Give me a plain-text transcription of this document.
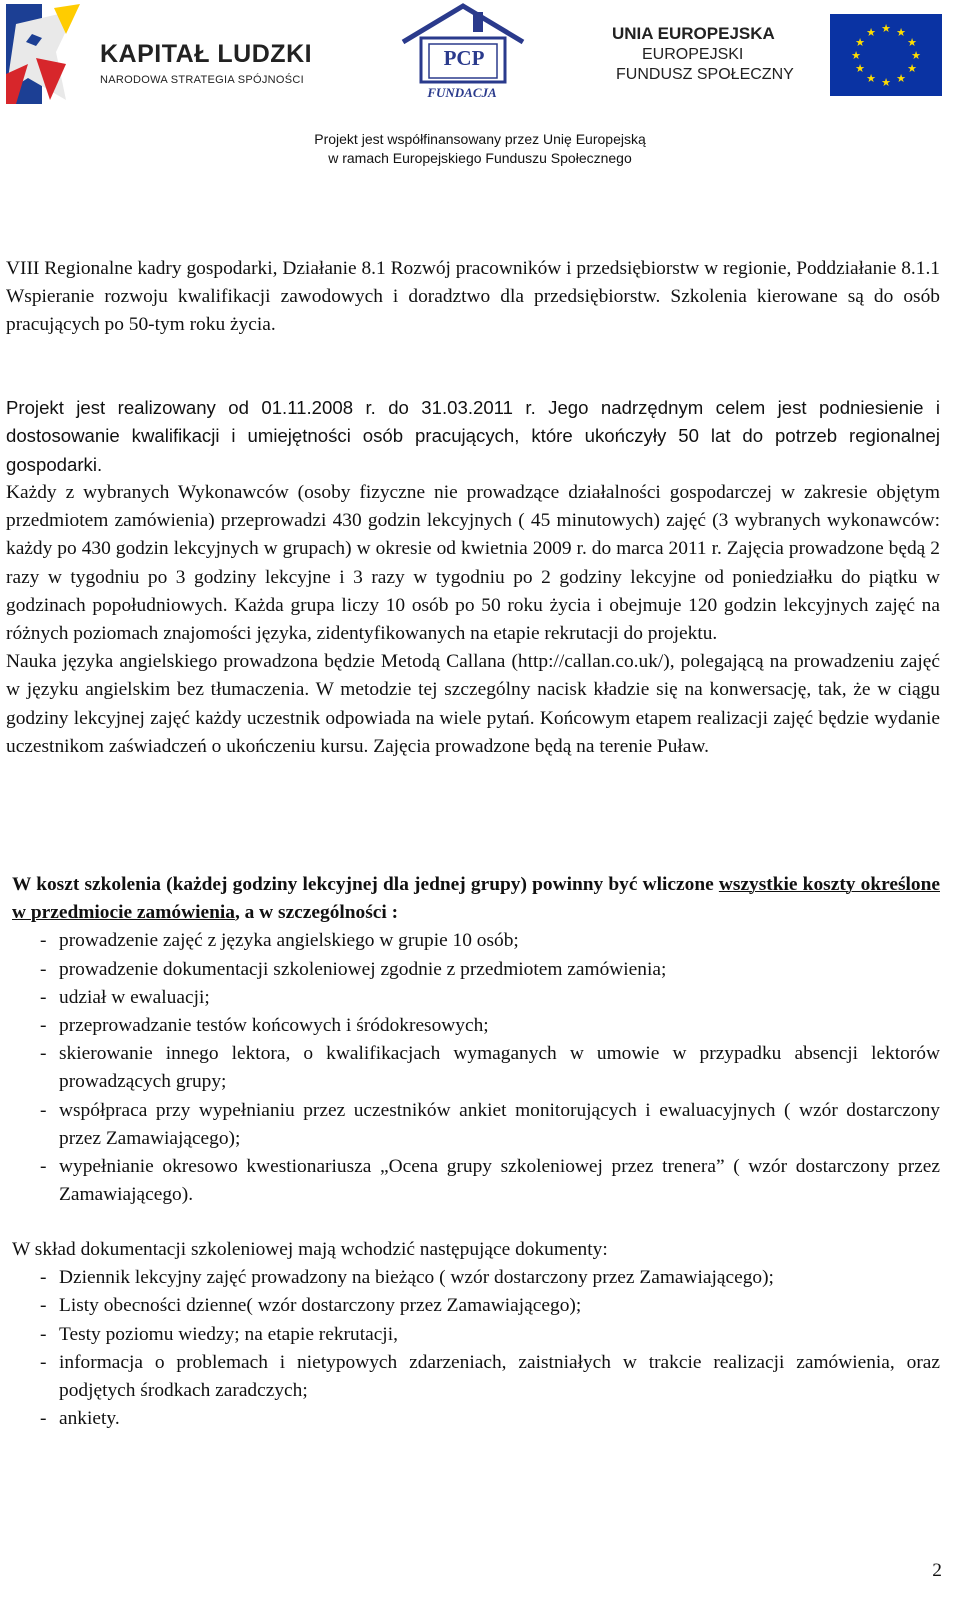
KAPITAŁ LUDZKI
NARODOWA STRATEGIA SPÓJNOŚCI
PCP
FUNDACJA
UNIA EUROPEJSKA
EUROPEJSKI
FUNDUSZ SPOŁECZNY
★ ★
★
★
★
★
★
★
★
★
★
★
Projekt jest współfinansowany przez Unię Europejską
w ramach Europejskiego Funduszu Społecznego

VIII Regionalne kadry gospodarki, Działanie 8.1 Rozwój pracowników i przedsiębiorstw w regionie, Poddziałanie 8.1.1 Wspieranie rozwoju kwalifikacji zawodowych i doradztwo dla przedsiębiorstw. Szkolenia kierowane są do osób pracujących po 50-tym roku życia.

Projekt jest realizowany od 01.11.2008 r. do 31.03.2011 r. Jego nadrzędnym celem jest podniesienie i dostosowanie kwalifikacji i umiejętności osób pracujących, które ukończyły 50 lat do potrzeb regionalnej gospodarki.

Każdy z wybranych Wykonawców (osoby fizyczne nie prowadzące działalności gospodarczej w zakresie objętym przedmiotem zamówienia) przeprowadzi 430 godzin lekcyjnych ( 45 minutowych) zajęć (3 wybranych wykonawców: każdy po 430 godzin lekcyjnych w grupach) w okresie od kwietnia 2009 r. do marca 2011 r. Zajęcia prowadzone będą 2 razy w tygodniu po 3 godziny lekcyjne i 3 razy w tygodniu po 2 godziny lekcyjne od poniedziałku do piątku w godzinach popołudniowych. Każda grupa liczy 10 osób po 50 roku życia i obejmuje 120 godzin lekcyjnych zajęć na różnych poziomach znajomości języka, zidentyfikowanych na etapie rekrutacji do projektu.

Nauka języka angielskiego prowadzona będzie Metodą Callana (http://callan.co.uk/), polegającą na prowadzeniu zajęć w języku angielskim bez tłumaczenia. W metodzie tej szczególny nacisk kładzie się na konwersację, tak, że w ciągu godziny lekcyjnej zajęć każdy uczestnik odpowiada na wiele pytań. Końcowym etapem realizacji zajęć będzie wydanie uczestnikom zaświadczeń o ukończeniu kursu. Zajęcia prowadzone będą na terenie Puław.

W koszt szkolenia (każdej godziny lekcyjnej dla jednej grupy) powinny być wliczone wszystkie koszty określone w przedmiocie zamówienia, a w szczególności :

- prowadzenie zajęć z języka angielskiego w grupie 10 osób;
- prowadzenie dokumentacji szkoleniowej zgodnie z przedmiotem zamówienia;
- udział w ewaluacji;
- przeprowadzanie testów końcowych i śródokresowych;
- skierowanie innego lektora, o kwalifikacjach wymaganych w umowie w przypadku absencji lektorów prowadzących grupy;
- współpraca przy wypełnianiu przez uczestników ankiet monitorujących i ewaluacyjnych ( wzór dostarczony przez Zamawiającego);
- wypełnianie okresowo kwestionariusza „Ocena grupy szkoleniowej przez trenera” ( wzór dostarczony przez Zamawiającego).

W skład dokumentacji szkoleniowej mają wchodzić następujące dokumenty:

- Dziennik lekcyjny zajęć prowadzony na bieżąco ( wzór dostarczony przez Zamawiającego);
- Listy obecności dzienne( wzór dostarczony przez Zamawiającego);
- Testy poziomu wiedzy; na etapie rekrutacji,
- informacja o problemach i nietypowych zdarzeniach, zaistniałych w trakcie realizacji zamówienia, oraz podjętych środkach zaradczych;
- ankiety.
2
